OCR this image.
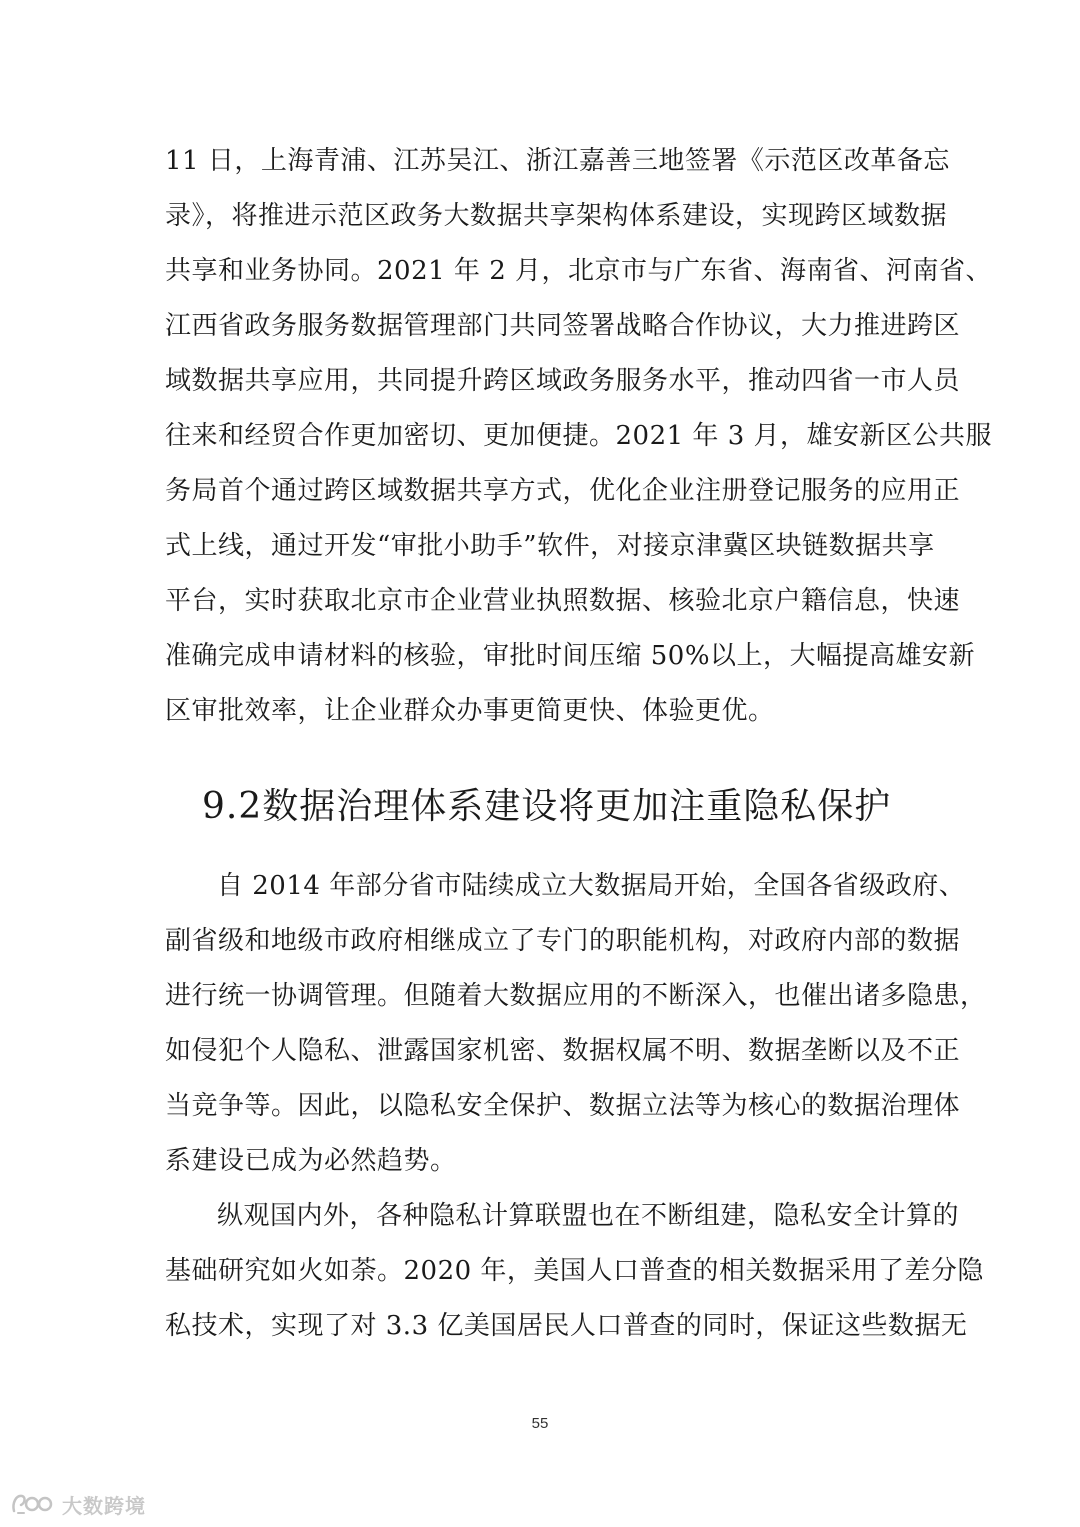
11 日，上海青浦、江苏吴江、浙江嘉善三地签署《示范区改革备忘
录》，将推进示范区政务大数据共享架构体系建设，实现跨区域数据
共享和业务协同。2021 年 2 月，北京市与广东省、海南省、河南省、
江西省政务服务数据管理部门共同签署战略合作协议，大力推进跨区
域数据共享应用，共同提升跨区域政务服务水平，推动四省一市人员
往来和经贸合作更加密切、更加便捷。2021 年 3 月，雄安新区公共服
务局首个通过跨区域数据共享方式，优化企业注册登记服务的应用正
式上线，通过开发“审批小助手”软件，对接京津冀区块链数据共享
平台，实时获取北京市企业营业执照数据、核验北京户籍信息，快速
准确完成申请材料的核验，审批时间压缩 50%以上，大幅提高雄安新
区审批效率，让企业群众办事更简更快、体验更优。
9.2数据治理体系建设将更加注重隐私保护
自 2014 年部分省市陆续成立大数据局开始，全国各省级政府、
副省级和地级市政府相继成立了专门的职能机构，对政府内部的数据
进行统一协调管理。但随着大数据应用的不断深入，也催出诸多隐患，
如侵犯个人隐私、泄露国家机密、数据权属不明、数据垄断以及不正
当竞争等。因此，以隐私安全保护、数据立法等为核心的数据治理体
系建设已成为必然趋势。
纵观国内外，各种隐私计算联盟也在不断组建，隐私安全计算的
基础研究如火如荼。2020 年，美国人口普查的相关数据采用了差分隐
私技术，实现了对 3.3 亿美国居民人口普查的同时，保证这些数据无
55
大数跨境
